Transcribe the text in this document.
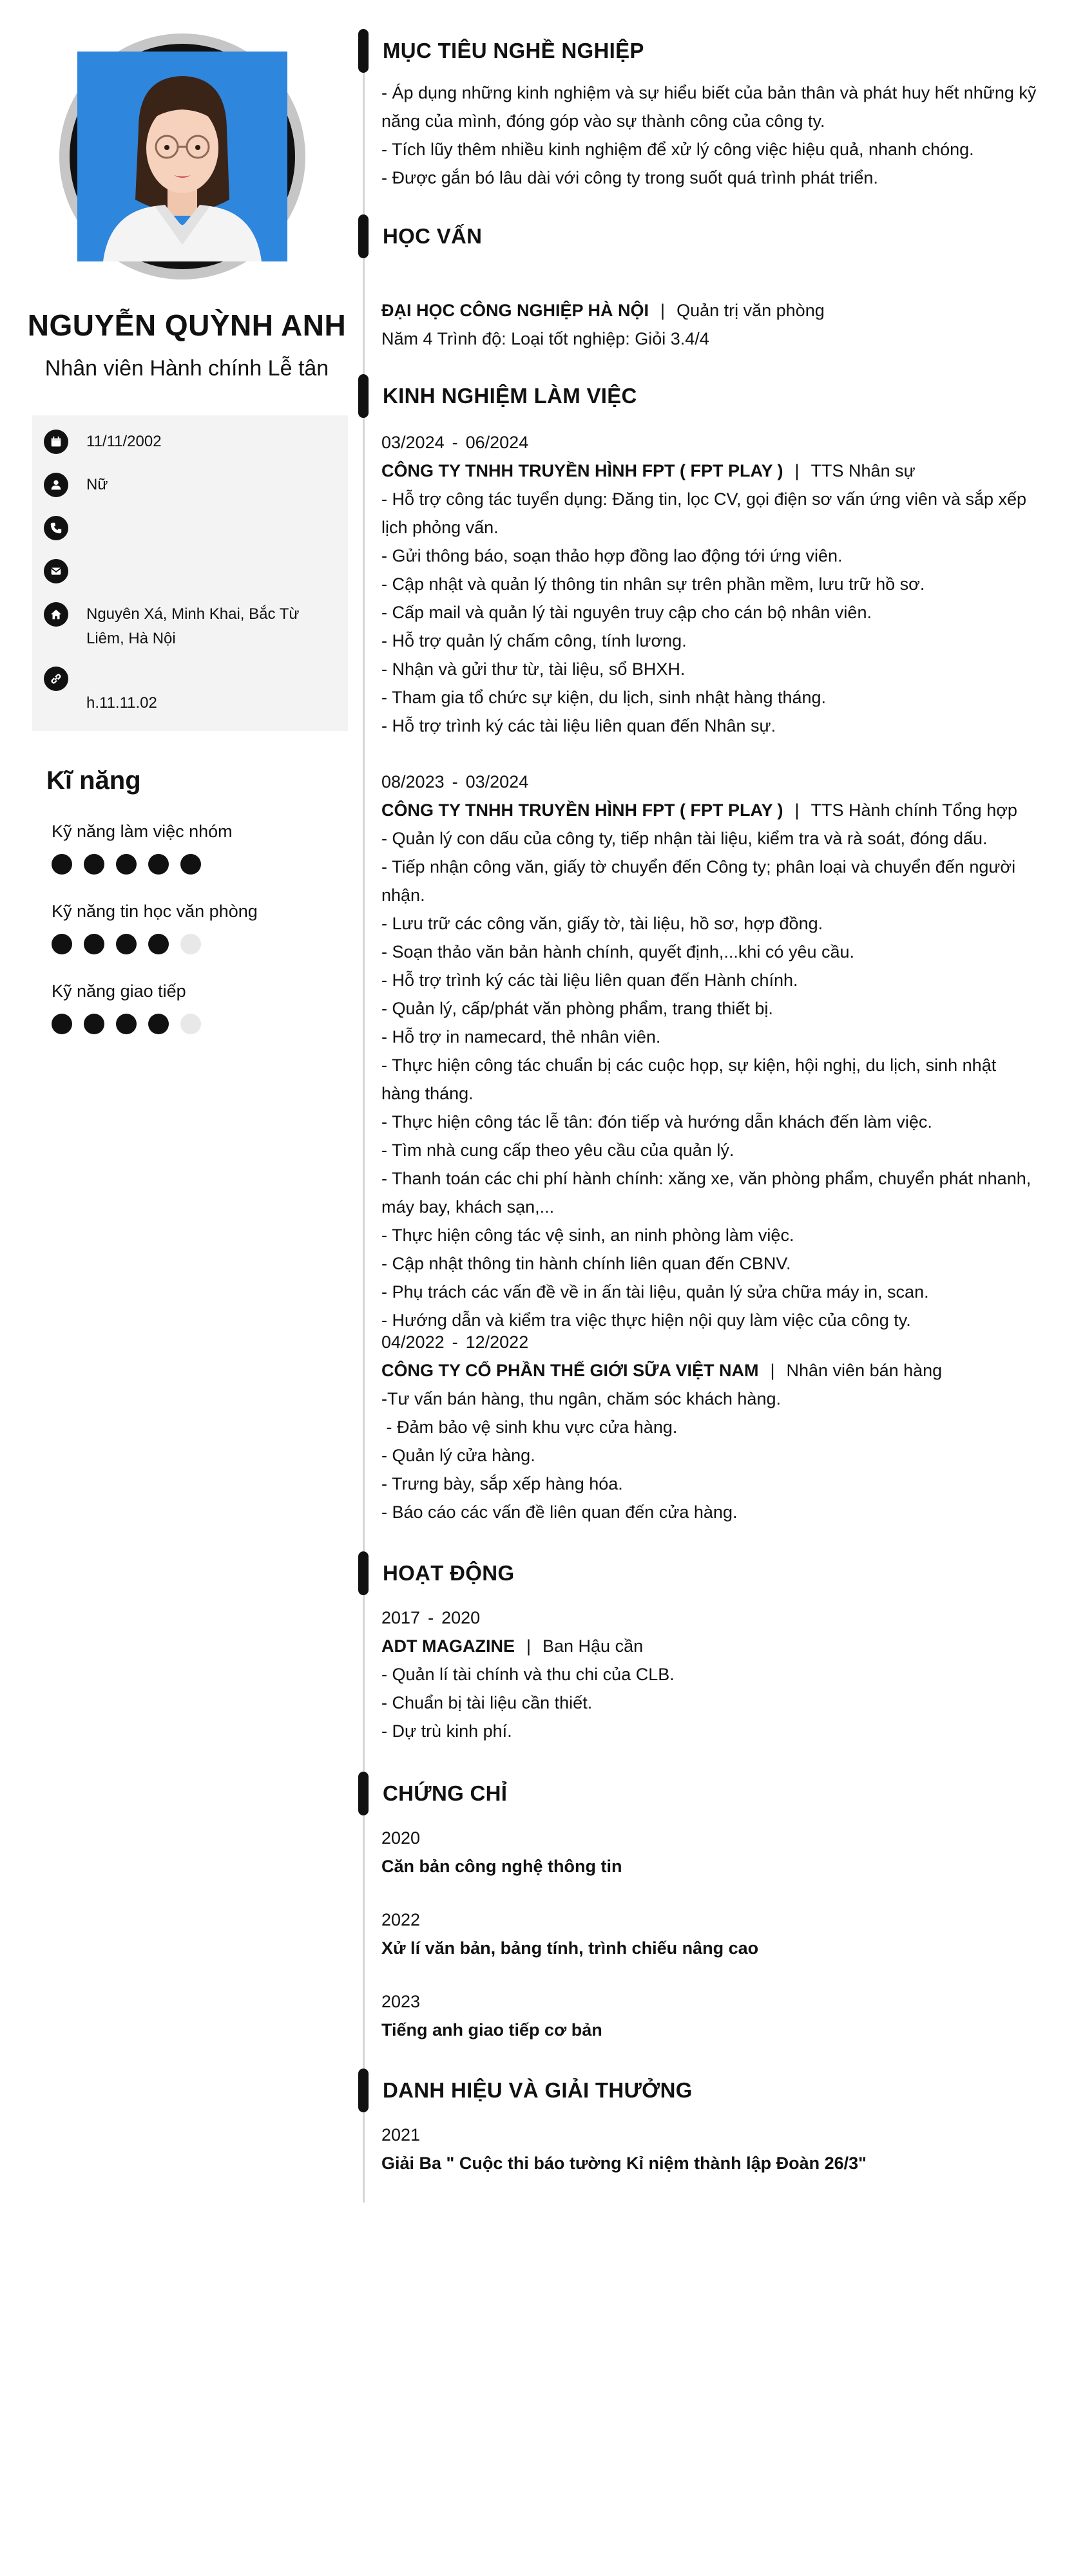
NGUYỄN QUỲNH ANH
Nhân viên Hành chính Lễ tân
11/11/2002
Nữ
Nguyên Xá, Minh Khai, Bắc Từ Liêm, Hà Nội
h.11.11.02
Kĩ năng
Kỹ năng làm việc nhóm
Kỹ năng tin học văn phòng
Kỹ năng giao tiếp
MỤC TIÊU NGHỀ NGHIỆP

- Áp dụng những kinh nghiệm và sự hiểu biết của bản thân và phát huy hết những kỹ năng của mình, đóng góp vào sự thành công của công ty.

- Tích lũy thêm nhiều kinh nghiệm để xử lý công việc hiệu quả, nhanh chóng.

- Được gắn bó lâu dài với công ty trong suốt quá trình phát triển.

HỌC VẤN

ĐẠI HỌC CÔNG NGHIỆP HÀ NỘI | Quản trị văn phòng

Năm 4 Trình độ: Loại tốt nghiệp: Giỏi 3.4/4

KINH NGHIỆM LÀM VIỆC

03/2024 - 06/2024

CÔNG TY TNHH TRUYỀN HÌNH FPT ( FPT PLAY ) | TTS Nhân sự

- Hỗ trợ công tác tuyển dụng: Đăng tin, lọc CV, gọi điện sơ vấn ứng viên và sắp xếp lịch phỏng vấn.

- Gửi thông báo, soạn thảo hợp đồng lao động tới ứng viên.

- Cập nhật và quản lý thông tin nhân sự trên phần mềm, lưu trữ hồ sơ.

- Cấp mail và quản lý tài nguyên truy cập cho cán bộ nhân viên.

- Hỗ trợ quản lý chấm công, tính lương.

- Nhận và gửi thư từ, tài liệu, sổ BHXH.

- Tham gia tổ chức sự kiện, du lịch, sinh nhật hàng tháng.

- Hỗ trợ trình ký các tài liệu liên quan đến Nhân sự.

08/2023 - 03/2024

CÔNG TY TNHH TRUYỀN HÌNH FPT ( FPT PLAY ) | TTS Hành chính Tổng hợp

- Quản lý con dấu của công ty, tiếp nhận tài liệu, kiểm tra và rà soát, đóng dấu.

- Tiếp nhận công văn, giấy tờ chuyển đến Công ty; phân loại và chuyển đến người nhận.

- Lưu trữ các công văn, giấy tờ, tài liệu, hồ sơ, hợp đồng.

- Soạn thảo văn bản hành chính, quyết định,...khi có yêu cầu.

- Hỗ trợ trình ký các tài liệu liên quan đến Hành chính.

- Quản lý, cấp/phát văn phòng phẩm, trang thiết bị.

- Hỗ trợ in namecard, thẻ nhân viên.

- Thực hiện công tác chuẩn bị các cuộc họp, sự kiện, hội nghị, du lịch, sinh nhật hàng tháng.

- Thực hiện công tác lễ tân: đón tiếp và hướng dẫn khách đến làm việc.

- Tìm nhà cung cấp theo yêu cầu của quản lý.

- Thanh toán các chi phí hành chính: xăng xe, văn phòng phẩm, chuyển phát nhanh, máy bay, khách sạn,...

- Thực hiện công tác vệ sinh, an ninh phòng làm việc.

- Cập nhật thông tin hành chính liên quan đến CBNV.

- Phụ trách các vấn đề về in ấn tài liệu, quản lý sửa chữa máy in, scan.

- Hướng dẫn và kiểm tra việc thực hiện nội quy làm việc của công ty.

04/2022 - 12/2022

CÔNG TY CỔ PHẦN THẾ GIỚI SỮA VIỆT NAM | Nhân viên bán hàng

-Tư vấn bán hàng, thu ngân, chăm sóc khách hàng.

- Đảm bảo vệ sinh khu vực cửa hàng.

- Quản lý cửa hàng.

- Trưng bày, sắp xếp hàng hóa.

- Báo cáo các vấn đề liên quan đến cửa hàng.

HOẠT ĐỘNG

2017 - 2020

ADT MAGAZINE | Ban Hậu cần

- Quản lí tài chính và thu chi của CLB.

- Chuẩn bị tài liệu cần thiết.

- Dự trù kinh phí.

CHỨNG CHỈ

2020

Căn bản công nghệ thông tin

2022

Xử lí văn bản, bảng tính, trình chiếu nâng cao

2023

Tiếng anh giao tiếp cơ bản

DANH HIỆU VÀ GIẢI THƯỞNG

2021

Giải Ba " Cuộc thi báo tường Kỉ niệm thành lập Đoàn 26/3"
